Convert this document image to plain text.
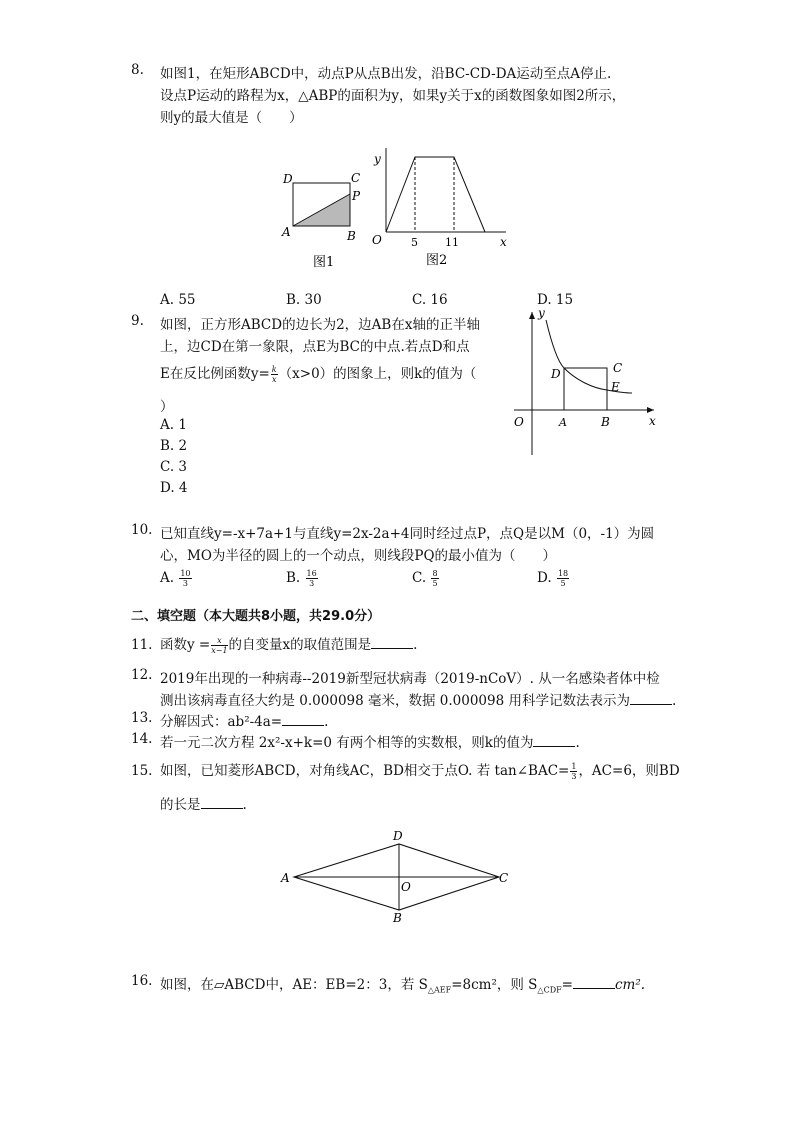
8. 如图1，在矩形ABCD中，动点P从点B出发，沿BC-CD-DA运动至点A停止.
设点P运动的路程为x，△ABP的面积为y，如果y关于x的函数图象如图2所示，
则y的最大值是（　　）
D	C
P
A	B
图1
y
x
O	5 11
图2
A. 55	B. 30	C. 16	D. 15
9. 如图，正方形ABCD的边长为2，边AB在x轴的正半轴
上，边CD在第一象限，点E为BC的中点.若点D和点
E在反比例函数$y= \frac{k}{x} (x>0)$的图象上，则k的值为（
）
A. 1
B. 2
C. 3
D. 4
y
x
O	A	B
C
D
E
10. 已知直线y=-x+7a+1与直线y=2x-2a+4同时经过点P，点Q是以M（0，-1）为圆
心，MO为半径的圆上的一个动点，则线段PQ的最小值为（　　）
A. $\frac{10}{3}$	B. $\frac{16}{3}$	C. $\frac{8}{5}$	D. $\frac{18}{5}$
二、填空题（本大题共8小题，共29.0分）
11. 函数$y = \frac{x}{x-1}$ 的自变量x的取值范围是	.
12. 2019年出现的一种病毒--2019新型冠状病毒（2019-nCoV）. 从一名感染者体中检
测出该病毒直径大约是 0.000098 毫米，数据 0.000098 用科学记数法表示为	.
13. 分解因式：ab²-4a=	.
14. 若一元二次方程 2x²-x+k=0 有两个相等的实数根，则k的值为	.
15. 如图，已知菱形ABCD，对角线AC，BD相交于点O. 若 tan∠BAC= $\frac{1}{3}$ ，AC=6，则BD
的长是	.
A
D
C
B
O
16. 如图，在▱ABCD中，AE：EB=2：3，若 $S_{\triangle AEF}=8cm^2$，则 $S_{\triangle CDF}=$	cm².
